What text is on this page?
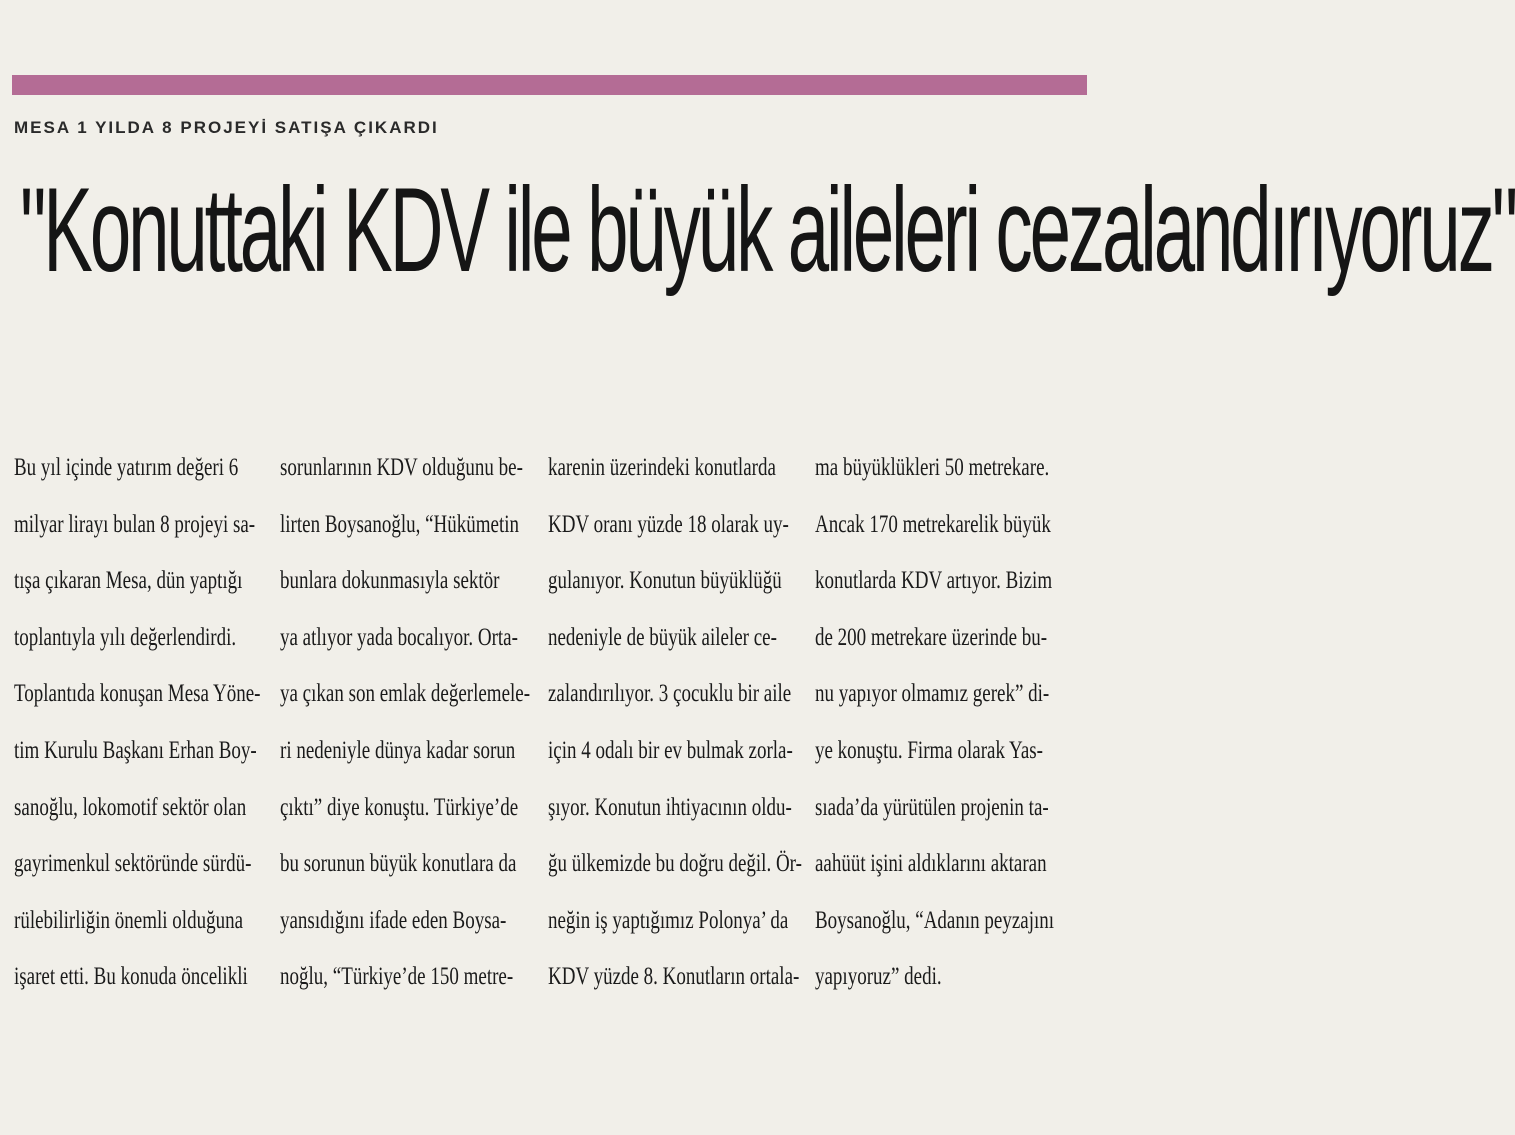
MESA 1 YILDA 8 PROJEYİ SATIŞA ÇIKARDI
"Konuttaki KDV ile büyük aileleri cezalandırıyoruz"
Bu yıl içinde yatırım değeri 6
milyar lirayı bulan 8 projeyi sa-
tışa çıkaran Mesa, dün yaptığı
toplantıyla yılı değerlendirdi.
Toplantıda konuşan Mesa Yöne-
tim Kurulu Başkanı Erhan Boy-
sanoğlu, lokomotif sektör olan
gayrimenkul sektöründe sürdü-
rülebilirliğin önemli olduğuna
işaret etti. Bu konuda öncelikli
sorunlarının KDV olduğunu be-
lirten Boysanoğlu, “Hükümetin
bunlara dokunmasıyla sektör
ya atlıyor yada bocalıyor. Orta-
ya çıkan son emlak değerlemele-
ri nedeniyle dünya kadar sorun
çıktı” diye konuştu. Türkiye’de
bu sorunun büyük konutlara da
yansıdığını ifade eden Boysa-
noğlu, “Türkiye’de 150 metre-
karenin üzerindeki konutlarda
KDV oranı yüzde 18 olarak uy-
gulanıyor. Konutun büyüklüğü
nedeniyle de büyük aileler ce-
zalandırılıyor. 3 çocuklu bir aile
için 4 odalı bir ev bulmak zorla-
şıyor. Konutun ihtiyacının oldu-
ğu ülkemizde bu doğru değil. Ör-
neğin iş yaptığımız Polonya’ da
KDV yüzde 8. Konutların ortala-
ma büyüklükleri 50 metrekare.
Ancak 170 metrekarelik büyük
konutlarda KDV artıyor. Bizim
de 200 metrekare üzerinde bu-
nu yapıyor olmamız gerek” di-
ye konuştu. Firma olarak Yas-
sıada’da yürütülen projenin ta-
aahüüt işini aldıklarını aktaran
Boysanoğlu, “Adanın peyzajını
yapıyoruz” dedi.
